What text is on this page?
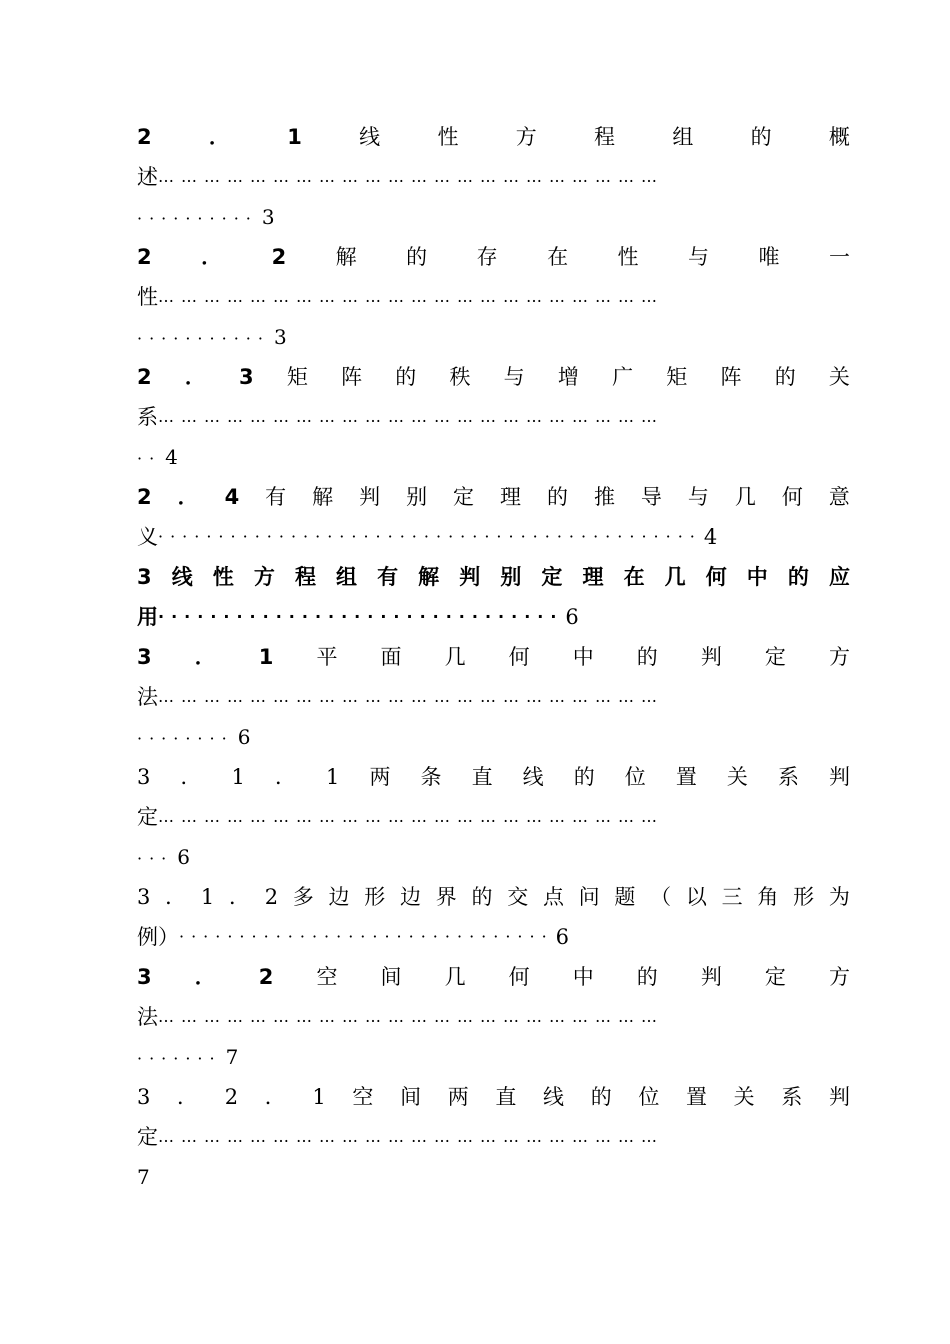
2	．	1	线	性	方	程	组	的	概
述 …………………………………………………………
·········· 3
2 ． 2 解 的 存 在 性 与 唯 一
性 …………………………………………………………
··········· 3
2 ． 3 矩 阵 的 秩 与 增 广 矩 阵 的 关
系 …………………………………………………………
·· 4
2 ． 4 有 解 判 别 定 理 的 推 导 与 几 何 意
义 ············································· 4
3 线 性 方 程 组 有 解 判 别 定 理 在 几 何 中 的 应
用 ······························· 6
3 ． 1 平 面 几 何 中 的 判 定 方
法 …………………………………………………………
········ 6
3 ． 1 ． 1 两 条 直 线 的 位 置 关 系 判
定 …………………………………………………………
··· 6
3 ． 1 ． 2 多 边 形 边 界 的 交 点 问 题 （ 以 三 角 形 为
例） ······························· 6
3 ． 2 空 间 几 何 中 的 判 定 方
法 …………………………………………………………
······· 7
3 ． 2 ． 1 空 间 两 直 线 的 位 置 关 系 判
定 …………………………………………………………
7
